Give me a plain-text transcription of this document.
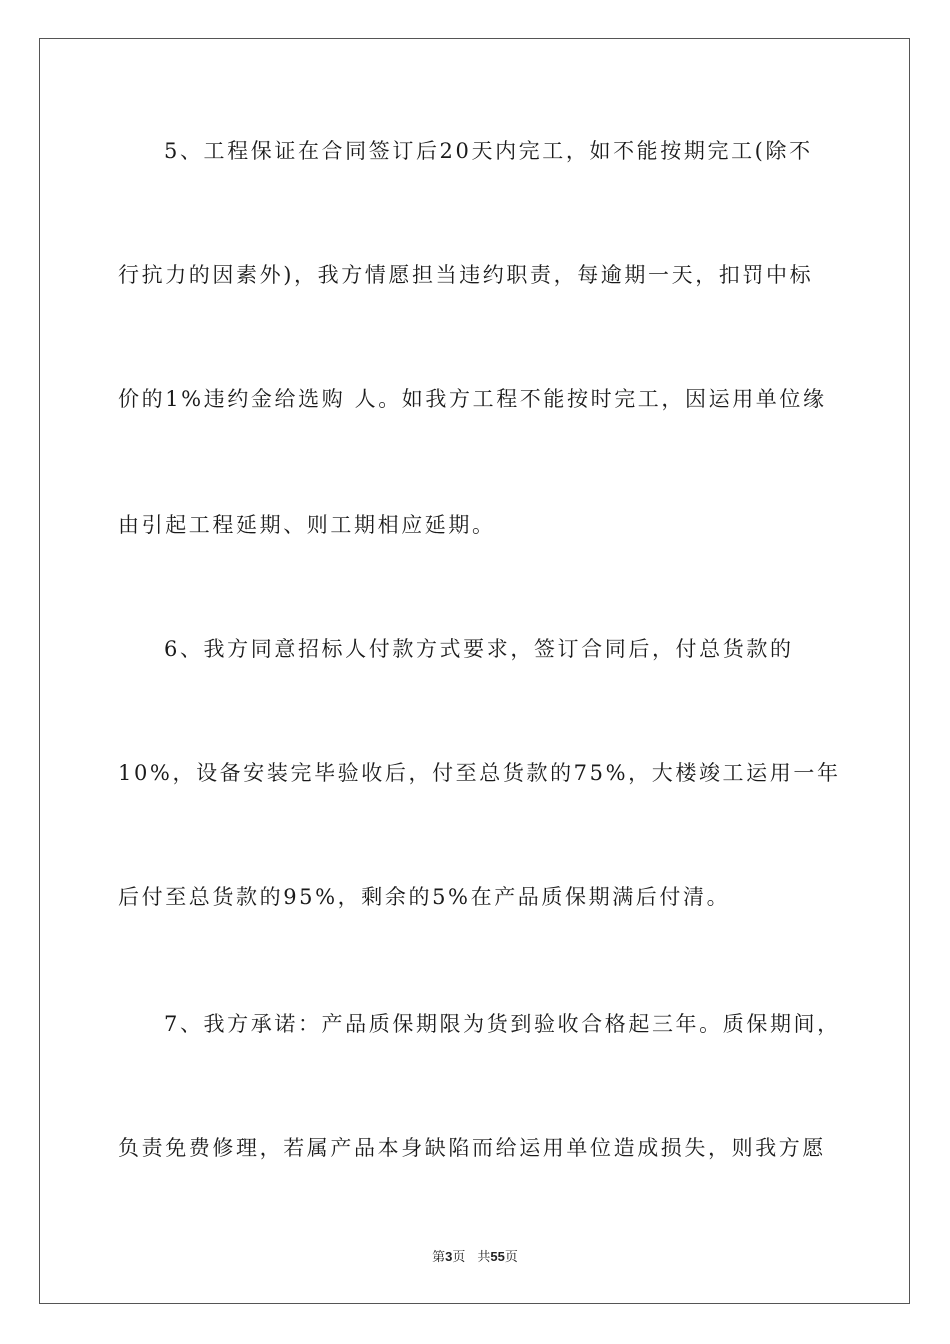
5、工程保证在合同签订后20天内完工，如不能按期完工(除不
行抗力的因素外)，我方情愿担当违约职责，每逾期一天，扣罚中标
价的1%违约金给选购 人。如我方工程不能按时完工，因运用单位缘
由引起工程延期、则工期相应延期。
6、我方同意招标人付款方式要求，签订合同后，付总货款的
10%，设备安装完毕验收后，付至总货款的75%，大楼竣工运用一年
后付至总货款的95%，剩余的5%在产品质保期满后付清。
7、我方承诺：产品质保期限为货到验收合格起三年。质保期间，
负责免费修理，若属产品本身缺陷而给运用单位造成损失，则我方愿
第3页 共55页
